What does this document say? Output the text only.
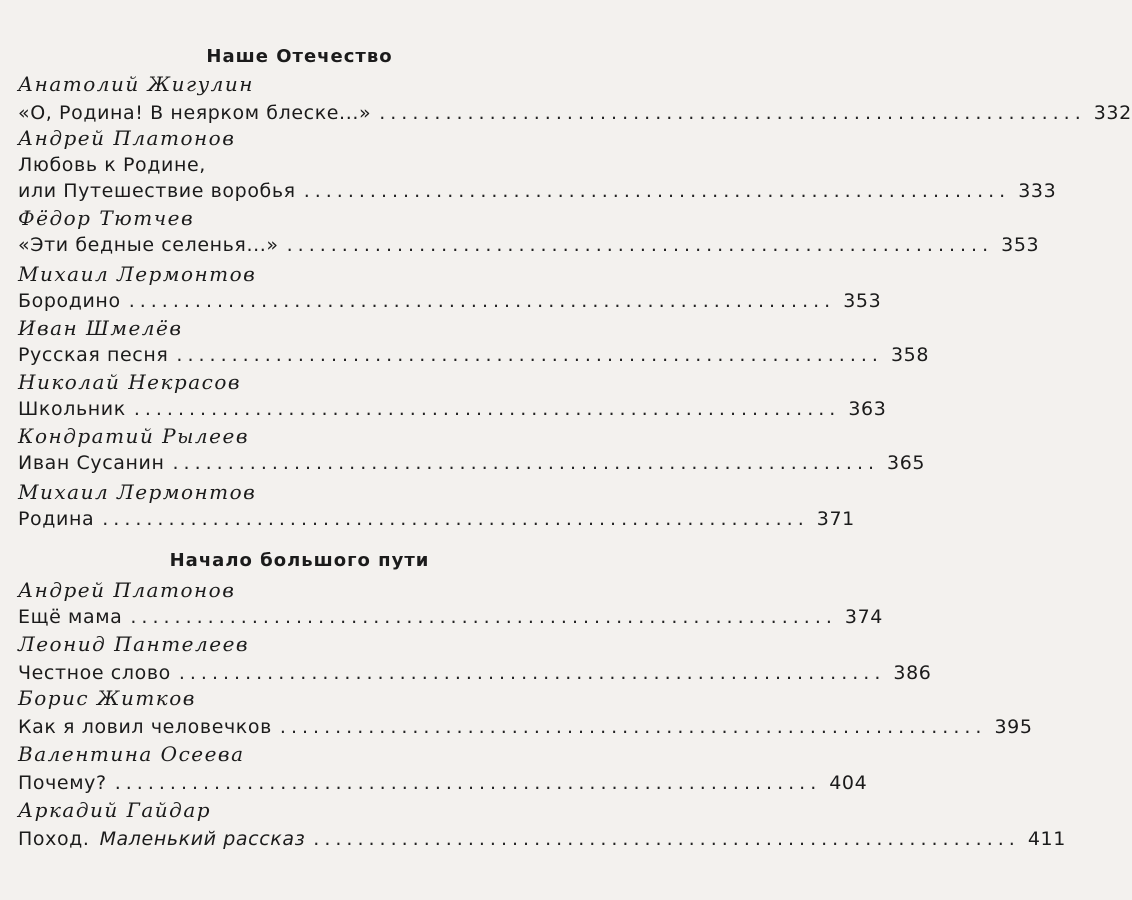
Наше Отечество
Анатолий Жигулин
«О, Родина! В неярком блеске...» ................................................................ 332
Андрей Платонов
Любовь к Родине,
или Путешествие воробья ................................................................ 333
Фёдор Тютчев
«Эти бедные селенья...» ................................................................ 353
Михаил Лермонтов
Бородино ................................................................ 353
Иван Шмелёв
Русская песня ................................................................ 358
Николай Некрасов
Школьник ................................................................ 363
Кондратий Рылеев
Иван Сусанин ................................................................ 365
Михаил Лермонтов
Родина ................................................................ 371
Начало большого пути
Андрей Платонов
Ещё мама ................................................................ 374
Леонид Пантелеев
Честное слово ................................................................ 386
Борис Житков
Как я ловил человечков ................................................................ 395
Валентина Осеева
Почему? ................................................................ 404
Аркадий Гайдар
Поход. Маленький рассказ ................................................................ 411
